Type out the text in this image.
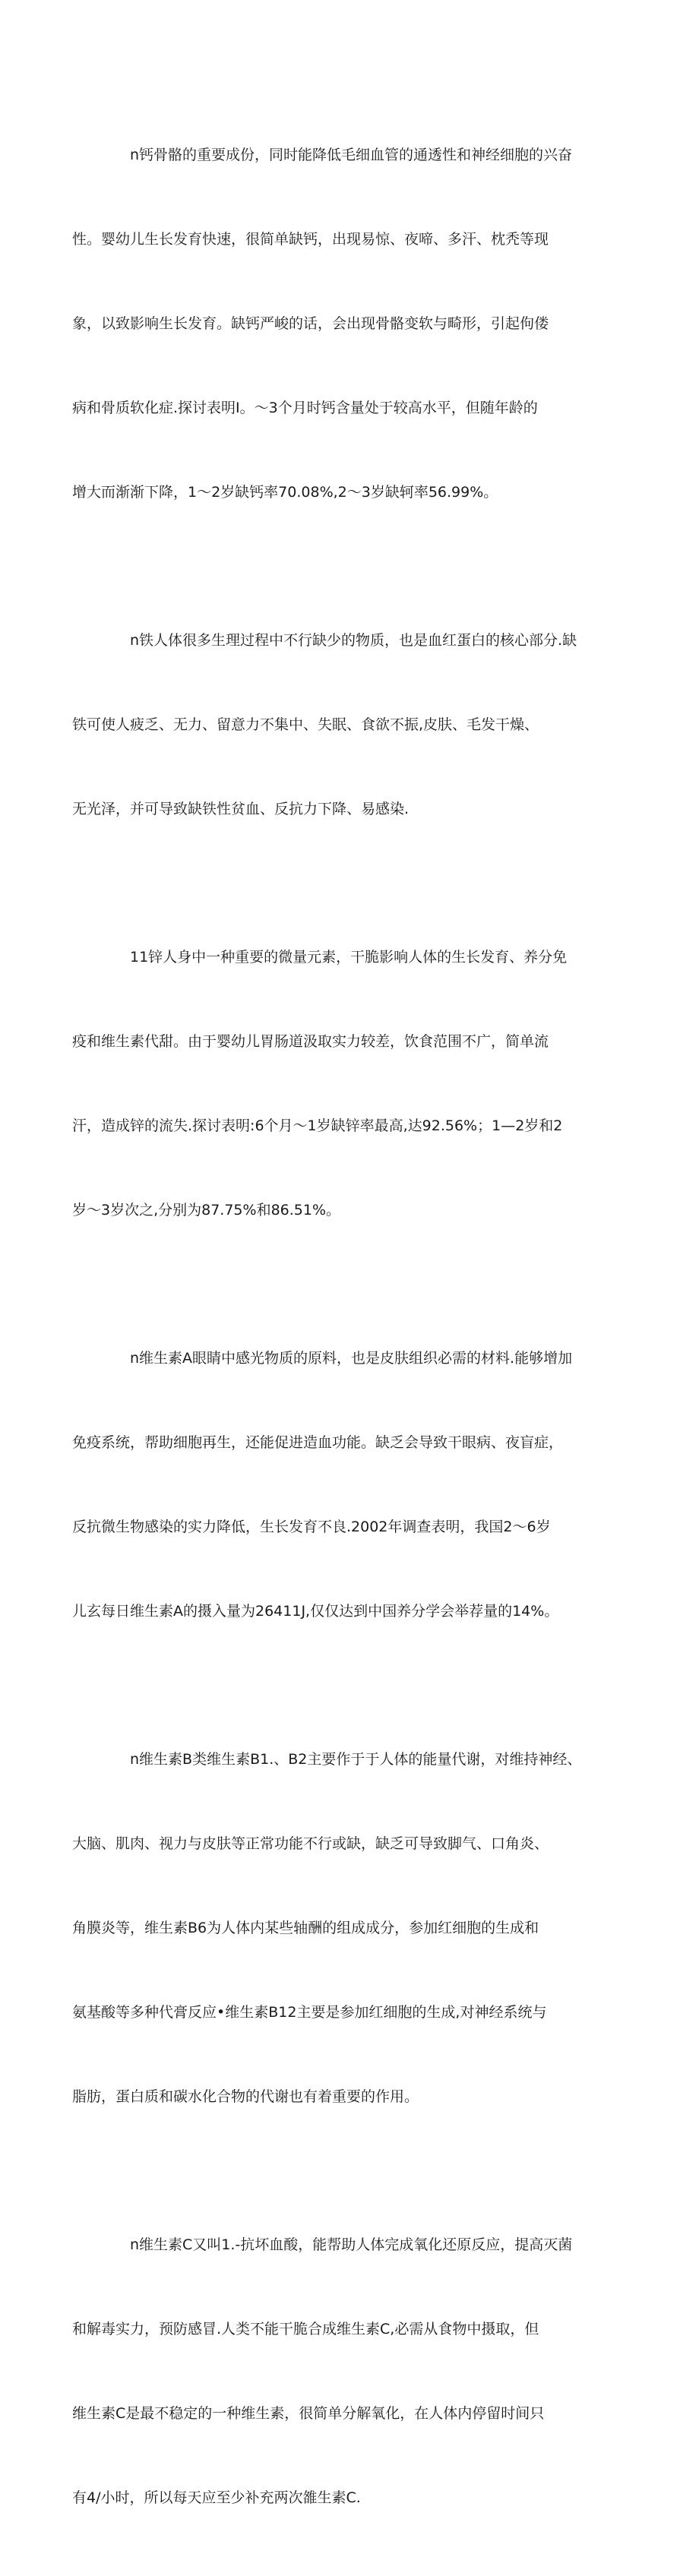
n钙骨骼的重要成份，同时能降低毛细血管的通透性和神经细胞的兴奋

性。婴幼儿生长发育快速，很简单缺钙，出现易惊、夜啼、多汗、枕秃等现

象，以致影响生长发育。缺钙严峻的话，会出现骨骼变软与畸形，引起佝偻

病和骨质软化症.探讨表明I。〜3个月时钙含量处于较高水平，但随年龄的

增大而渐渐下降，1〜2岁缺钙率70.08%,2〜3岁缺轲率56.99%。

n铁人体很多生理过程中不行缺少的物质，也是血红蛋白的核心部分.缺

铁可使人疲乏、无力、留意力不集中、失眠、食欲不振,皮肤、毛发干燥、

无光泽，并可导致缺铁性贫血、反抗力下降、易感染.

11锌人身中一种重要的微量元素，干脆影响人体的生长发育、养分免

疫和维生素代甜。由于婴幼儿胃肠道汲取实力较差，饮食范围不广，简单流

汗，造成锌的流失.探讨表明:6个月〜1岁缺锌率最高,达92.56%；1—2岁和2

岁〜3岁次之,分别为87.75%和86.51%。

n维生素A眼睛中感光物质的原料，也是皮肤组织必需的材料.能够增加

免疫系统，帮助细胞再生，还能促进造血功能。缺乏会导致干眼病、夜盲症，

反抗微生物感染的实力降低，生长发育不良.2002年调查表明，我国2〜6岁

儿玄每日维生素A的摄入量为26411J,仅仅达到中国养分学会举荐量的14%。

n维生素B类维生素B1.、B2主要作于于人体的能量代谢，对维持神经、

大脑、肌肉、视力与皮肤等正常功能不行或缺，缺乏可导致脚气、口角炎、

角膜炎等，维生素B6为人体内某些轴酬的组成成分，参加红细胞的生成和

氨基酸等多种代膏反应•维生素B12主要是参加红细胞的生成,对神经系统与

脂肪，蛋白质和碳水化合物的代谢也有着重要的作用。

n维生素C又叫1.-抗坏血酸，能帮助人体完成氧化还原反应，提高灭菌

和解毒实力，预防感冒.人类不能干脆合成维生素C,必需从食物中摄取，但

维生素C是最不稳定的一种维生素，很简单分解氧化，在人体内停留时间只

有4/小时，所以每天应至少补充两次雒生素C.
